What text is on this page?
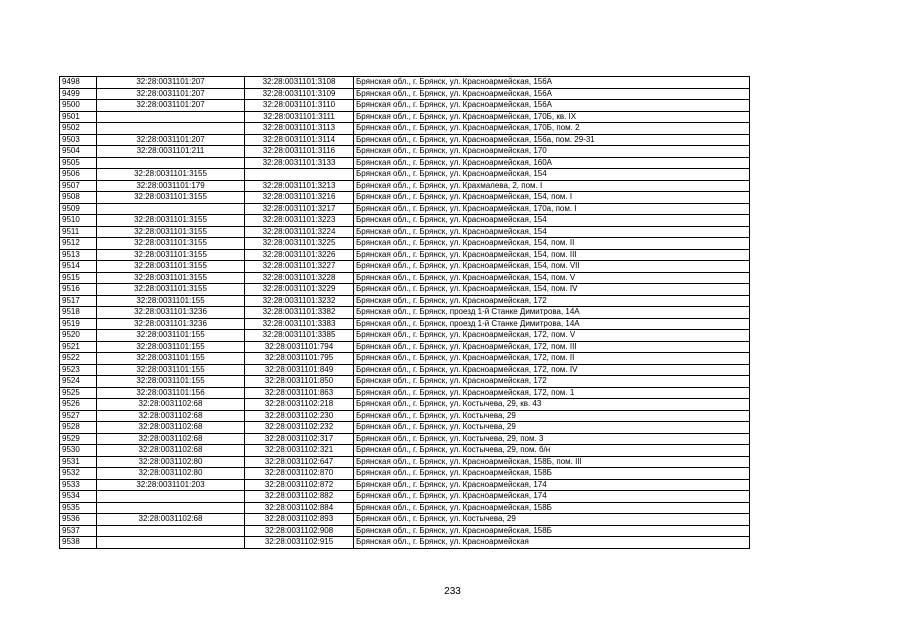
9498	32:28:0031101:207	32:28:0031101:3108	Брянская обл., г. Брянск, ул. Красноармейская, 156А
9499	32:28:0031101:207	32:28:0031101:3109	Брянская обл., г. Брянск, ул. Красноармейская, 156А
9500	32:28:0031101:207	32:28:0031101:3110	Брянская обл., г. Брянск, ул. Красноармейская, 156А
9501		32:28:0031101:3111	Брянская обл., г. Брянск, ул. Красноармейская, 170Б, кв. IX
9502		32:28:0031101:3113	Брянская обл., г. Брянск, ул. Красноармейская, 170Б, пом. 2
9503	32:28:0031101:207	32:28:0031101:3114	Брянская обл., г. Брянск, ул. Красноармейская, 156а, пом. 29-31
9504	32:28:0031101:211	32:28:0031101:3116	Брянская обл., г. Брянск, ул. Красноармейская, 170
9505		32:28:0031101:3133	Брянская обл., г. Брянск, ул. Красноармейская, 160А
9506	32:28:0031101:3155		Брянская обл., г. Брянск, ул. Красноармейская, 154
9507	32:28:0031101:179	32:28:0031101:3213	Брянская обл., г. Брянск, ул. Крахмалева, 2, пом. I
9508	32:28:0031101:3155	32:28:0031101:3216	Брянская обл., г. Брянск, ул. Красноармейская, 154, пом. I
9509		32:28:0031101:3217	Брянская обл., г. Брянск, ул. Красноармейская, 170а, пом. I
9510	32:28:0031101:3155	32:28:0031101:3223	Брянская обл., г. Брянск, ул. Красноармейская, 154
9511	32:28:0031101:3155	32:28:0031101:3224	Брянская обл., г. Брянск, ул. Красноармейская, 154
9512	32:28:0031101:3155	32:28:0031101:3225	Брянская обл., г. Брянск, ул. Красноармейская, 154, пом. II
9513	32:28:0031101:3155	32:28:0031101:3226	Брянская обл., г. Брянск, ул. Красноармейская, 154, пом. III
9514	32:28:0031101:3155	32:28:0031101:3227	Брянская обл., г. Брянск, ул. Красноармейская, 154, пом. VII
9515	32:28:0031101:3155	32:28:0031101:3228	Брянская обл., г. Брянск, ул. Красноармейская, 154, пом. V
9516	32:28:0031101:3155	32:28:0031101:3229	Брянская обл., г. Брянск, ул. Красноармейская, 154, пом. IV
9517	32:28:0031101:155	32:28:0031101:3232	Брянская обл., г. Брянск, ул. Красноармейская, 172
9518	32:28:0031101:3236	32:28:0031101:3382	Брянская обл., г. Брянск, проезд 1-й Станке Димитрова, 14А
9519	32:28:0031101:3236	32:28:0031101:3383	Брянская обл., г. Брянск, проезд 1-й Станке Димитрова, 14А
9520	32:28:0031101:155	32:28:0031101:3385	Брянская обл., г. Брянск, ул. Красноармейская, 172, пом. V
9521	32:28:0031101:155	32:28:0031101:794	Брянская обл., г. Брянск, ул. Красноармейская, 172, пом. III
9522	32:28:0031101:155	32:28:0031101:795	Брянская обл., г. Брянск, ул. Красноармейская, 172, пом. II
9523	32:28:0031101:155	32:28:0031101:849	Брянская обл., г. Брянск, ул. Красноармейская, 172, пом. IV
9524	32:28:0031101:155	32:28:0031101:850	Брянская обл., г. Брянск, ул. Красноармейская, 172
9525	32:28:0031101:156	32:28:0031101:863	Брянская обл., г. Брянск, ул. Красноармейская, 172, пом. 1
9526	32:28:0031102:68	32:28:0031102:218	Брянская обл., г. Брянск, ул. Костычева, 29, кв. 43
9527	32:28:0031102:68	32:28:0031102:230	Брянская обл., г. Брянск, ул. Костычева, 29
9528	32:28:0031102:68	32:28:0031102:232	Брянская обл., г. Брянск, ул. Костычева, 29
9529	32:28:0031102:68	32:28:0031102:317	Брянская обл., г. Брянск, ул. Костычева, 29, пом. 3
9530	32:28:0031102:68	32:28:0031102:321	Брянская обл., г. Брянск, ул. Костычева, 29, пом. б/н
9531	32:28:0031102:80	32:28:0031102:647	Брянская обл., г. Брянск, ул. Красноармейская, 158Б, пом. III
9532	32:28:0031102:80	32:28:0031102:870	Брянская обл., г. Брянск, ул. Красноармейская, 158Б
9533	32:28:0031101:203	32:28:0031102:872	Брянская обл., г. Брянск, ул. Красноармейская, 174
9534		32:28:0031102:882	Брянская обл., г. Брянск, ул. Красноармейская, 174
9535		32:28:0031102:884	Брянская обл., г. Брянск, ул. Красноармейская, 158Б
9536	32:28:0031102:68	32:28:0031102:893	Брянская обл., г. Брянск, ул. Костычева, 29
9537		32:28:0031102:908	Брянская обл., г. Брянск, ул. Красноармейская, 158Б
9538		32:28:0031102:915	Брянская обл., г. Брянск, ул. Красноармейская
233
